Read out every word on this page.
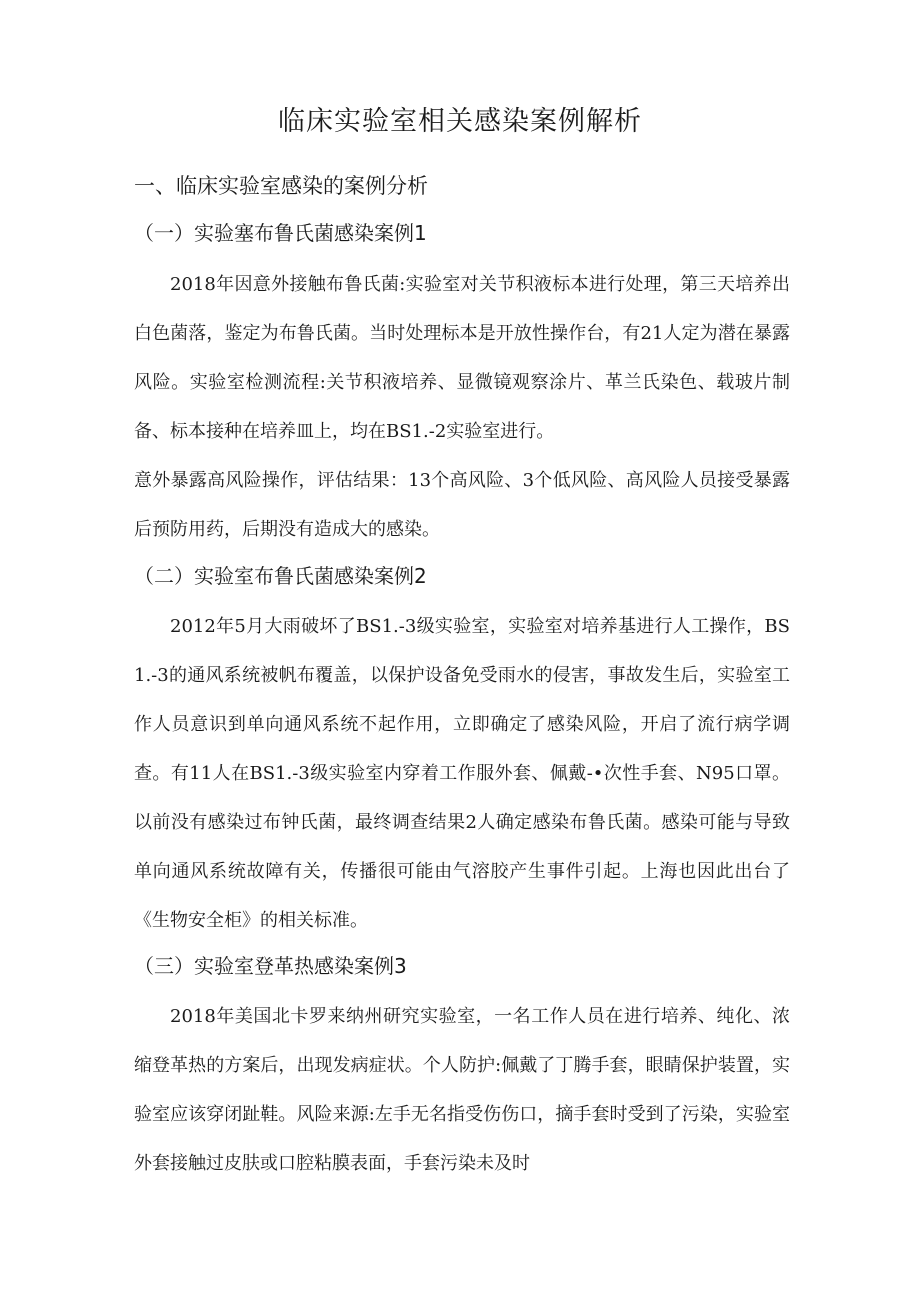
临床实验室相关感染案例解析
一、临床实验室感染的案例分析
（一）实验塞布鲁氏菌感染案例1

2018年因意外接触布鲁氏菌:实验室对关节积液标本进行处理，第三天培养出白色菌落，鉴定为布鲁氏菌。当时处理标本是开放性操作台，有21人定为潜在暴露风险。实验室检测流程:关节积液培养、显微镜观察涂片、革兰氏染色、载玻片制备、标本接种在培养皿上，均在BS1.-2实验室进行。

意外暴露高风险操作，评估结果：13个高风险、3个低风险、高风险人员接受暴露后预防用药，后期没有造成大的感染。

（二）实验室布鲁氏菌感染案例2

2012年5月大雨破坏了BS1.-3级实验室，实验室对培养基进行人工操作，BS1.-3的通风系统被帆布覆盖，以保护设备免受雨水的侵害，事故发生后，实验室工作人员意识到单向通风系统不起作用，立即确定了感染风险，开启了流行病学调查。有11人在BS1.-3级实验室内穿着工作服外套、佩戴-•次性手套、N95口罩。以前没有感染过布钟氏菌，最终调查结果2人确定感染布鲁氏菌。感染可能与导致单向通风系统故障有关，传播很可能由气溶胶产生事件引起。上海也因此出台了《生物安全柜》的相关标准。

（三）实验室登革热感染案例3

2018年美国北卡罗来纳州研究实验室，一名工作人员在进行培养、纯化、浓缩登革热的方案后，出现发病症状。个人防护:佩戴了丁腾手套，眼睛保护装置，实验室应该穿闭趾鞋。风险来源:左手无名指受伤伤口，摘手套时受到了污染，实验室外套接触过皮肤或口腔粘膜表面，手套污染未及时
